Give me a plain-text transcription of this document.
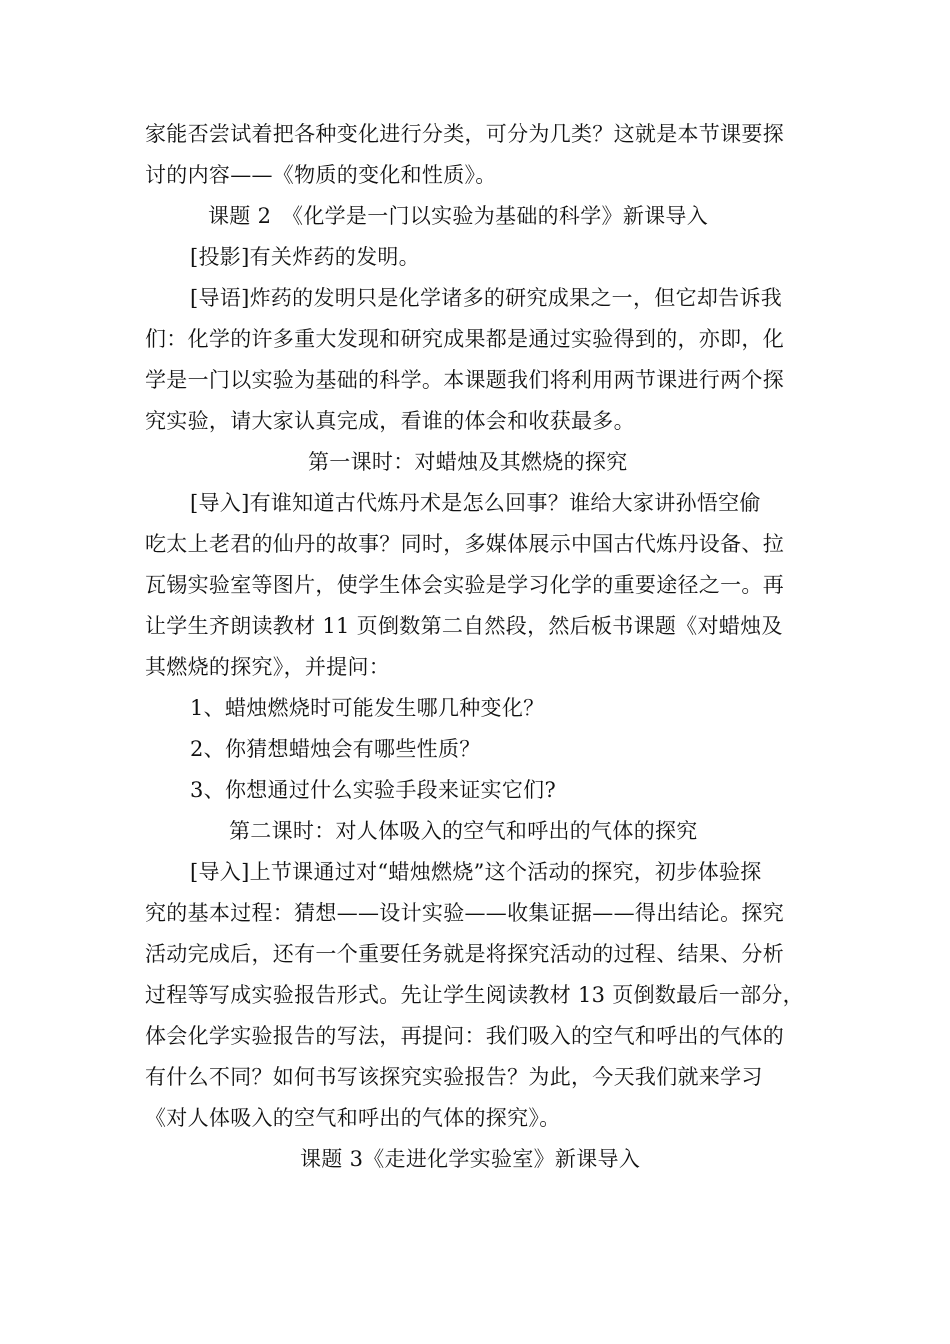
家能否尝试着把各种变化进行分类，可分为几类？这就是本节课要探
讨的内容——《物质的变化和性质》。
课题 2　《化学是一门以实验为基础的科学》新课导入
[投影]有关炸药的发明。
[导语]炸药的发明只是化学诸多的研究成果之一，但它却告诉我
们：化学的许多重大发现和研究成果都是通过实验得到的，亦即，化
学是一门以实验为基础的科学。本课题我们将利用两节课进行两个探
究实验，请大家认真完成，看谁的体会和收获最多。
第一课时：对蜡烛及其燃烧的探究
[导入]有谁知道古代炼丹术是怎么回事？谁给大家讲孙悟空偷
吃太上老君的仙丹的故事？同时，多媒体展示中国古代炼丹设备、拉
瓦锡实验室等图片，使学生体会实验是学习化学的重要途径之一。再
让学生齐朗读教材 11 页倒数第二自然段，然后板书课题《对蜡烛及
其燃烧的探究》，并提问：
1、蜡烛燃烧时可能发生哪几种变化？
2、你猜想蜡烛会有哪些性质？
3、你想通过什么实验手段来证实它们?
第二课时：对人体吸入的空气和呼出的气体的探究
[导入]上节课通过对“蜡烛燃烧”这个活动的探究，初步体验探
究的基本过程：猜想——设计实验——收集证据——得出结论。探究
活动完成后，还有一个重要任务就是将探究活动的过程、结果、分析
过程等写成实验报告形式。先让学生阅读教材 13 页倒数最后一部分，
体会化学实验报告的写法，再提问：我们吸入的空气和呼出的气体的
有什么不同？如何书写该探究实验报告？为此，今天我们就来学习
《对人体吸入的空气和呼出的气体的探究》。
课题 3《走进化学实验室》新课导入
